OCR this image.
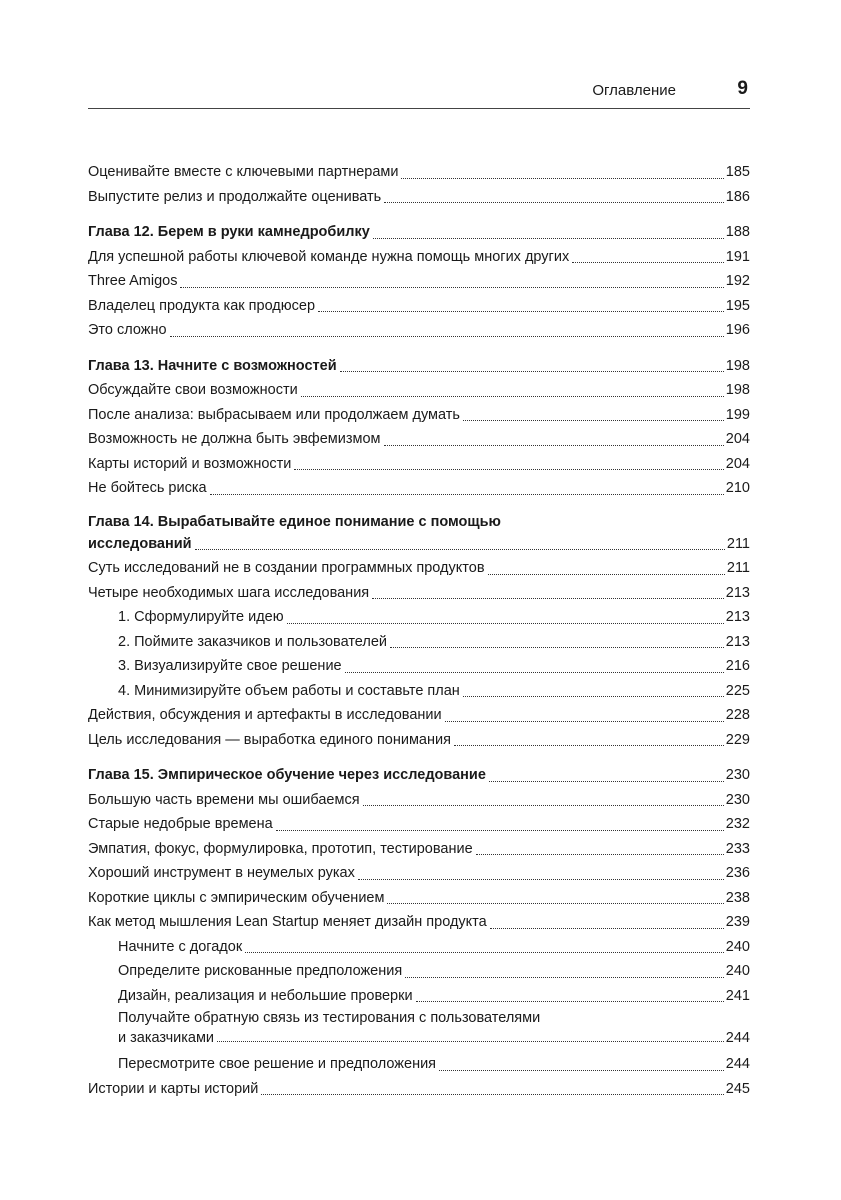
Оглавление	9
Оценивайте вместе с ключевыми партнерами	185
Выпустите релиз и продолжайте оценивать	186
Глава 12. Берем в руки камнедробилку	188
Для успешной работы ключевой команде нужна помощь многих других	191
Three Amigos	192
Владелец продукта как продюсер	195
Это сложно	196
Глава 13. Начните с возможностей	198
Обсуждайте свои возможности	198
После анализа: выбрасываем или продолжаем думать	199
Возможность не должна быть эвфемизмом	204
Карты историй и возможности	204
Не бойтесь риска	210
Глава 14. Вырабатывайте единое понимание с помощью
исследований	211
Суть исследований не в создании программных продуктов	211
Четыре необходимых шага исследования	213
1. Сформулируйте идею	213
2. Поймите заказчиков и пользователей	213
3. Визуализируйте свое решение	216
4. Минимизируйте объем работы и составьте план	225
Действия, обсуждения и артефакты в исследовании	228
Цель исследования — выработка единого понимания	229
Глава 15. Эмпирическое обучение через исследование	230
Большую часть времени мы ошибаемся	230
Старые недобрые времена	232
Эмпатия, фокус, формулировка, прототип, тестирование	233
Хороший инструмент в неумелых руках	236
Короткие циклы с эмпирическим обучением	238
Как метод мышления Lean Startup меняет дизайн продукта	239
Начните с догадок	240
Определите рискованные предположения	240
Дизайн, реализация и небольшие проверки	241
Получайте обратную связь из тестирования с пользователями
и заказчиками	244
Пересмотрите свое решение и предположения	244
Истории и карты историй	245
